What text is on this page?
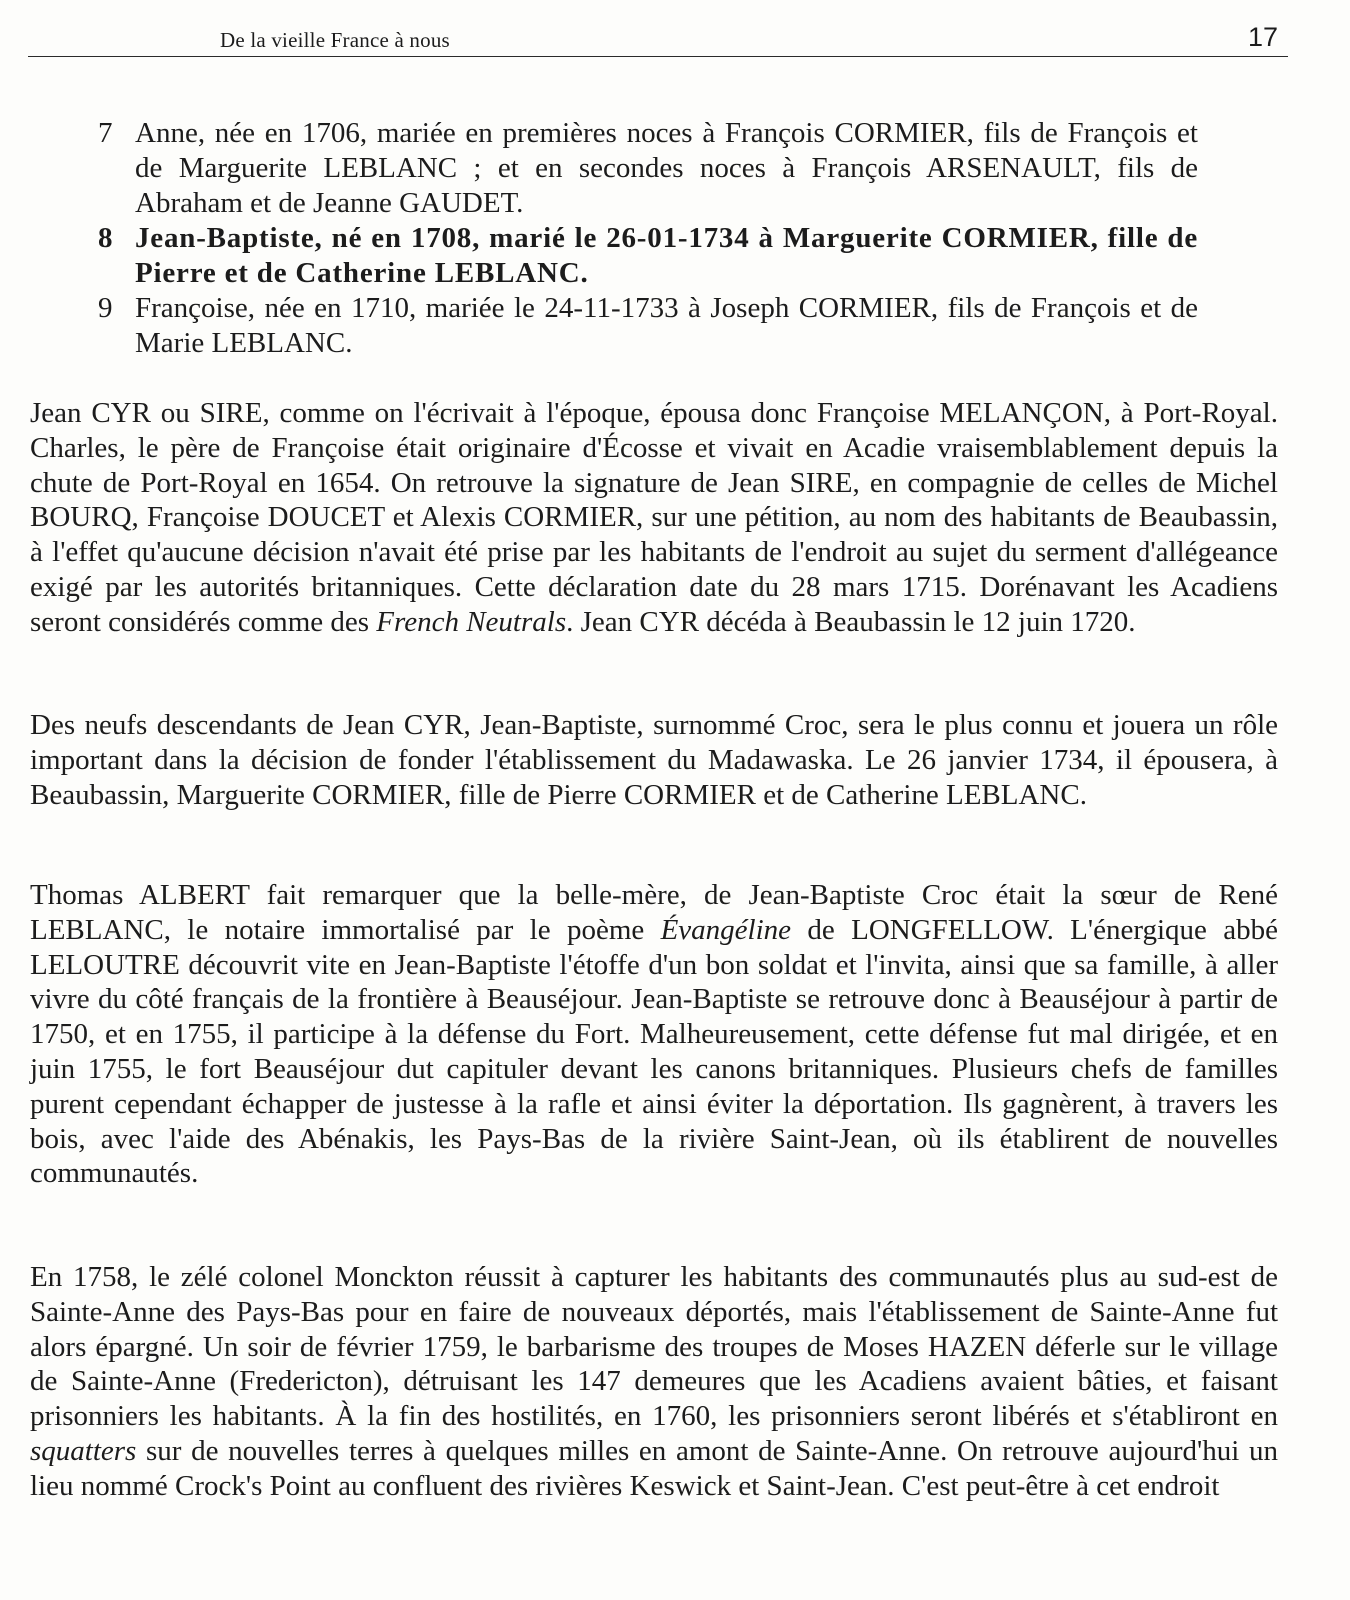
De la vieille France à nous	17
7 Anne, née en 1706, mariée en premières noces à François CORMIER, fils de François et de Marguerite LEBLANC ; et en secondes noces à François ARSENAULT, fils de Abraham et de Jeanne GAUDET.
8 Jean-Baptiste, né en 1708, marié le 26-01-1734 à Marguerite CORMIER, fille de Pierre et de Catherine LEBLANC.
9 Françoise, née en 1710, mariée le 24-11-1733 à Joseph CORMIER, fils de François et de Marie LEBLANC.

Jean CYR ou SIRE, comme on l'écrivait à l'époque, épousa donc Françoise MELANÇON, à Port-Royal. Charles, le père de Françoise était originaire d'Écosse et vivait en Acadie vraisemblablement depuis la chute de Port-Royal en 1654. On retrouve la signature de Jean SIRE, en compagnie de celles de Michel BOURQ, Françoise DOUCET et Alexis CORMIER, sur une pétition, au nom des habitants de Beaubassin, à l'effet qu'aucune décision n'avait été prise par les habitants de l'endroit au sujet du serment d'allégeance exigé par les autorités britanniques. Cette déclaration date du 28 mars 1715. Dorénavant les Acadiens seront considérés comme des French Neutrals. Jean CYR décéda à Beaubassin le 12 juin 1720.

Des neufs descendants de Jean CYR, Jean-Baptiste, surnommé Croc, sera le plus connu et jouera un rôle important dans la décision de fonder l'établissement du Madawaska. Le 26 janvier 1734, il épousera, à Beaubassin, Marguerite CORMIER, fille de Pierre CORMIER et de Catherine LEBLANC.

Thomas ALBERT fait remarquer que la belle-mère, de Jean-Baptiste Croc était la sœur de René LEBLANC, le notaire immortalisé par le poème Évangéline de LONGFELLOW. L'énergique abbé LELOUTRE découvrit vite en Jean-Baptiste l'étoffe d'un bon soldat et l'invita, ainsi que sa famille, à aller vivre du côté français de la frontière à Beauséjour. Jean-Baptiste se retrouve donc à Beauséjour à partir de 1750, et en 1755, il participe à la défense du Fort. Malheureusement, cette défense fut mal dirigée, et en juin 1755, le fort Beauséjour dut capituler devant les canons britanniques. Plusieurs chefs de familles purent cependant échapper de justesse à la rafle et ainsi éviter la déportation. Ils gagnèrent, à travers les bois, avec l'aide des Abénakis, les Pays-Bas de la rivière Saint-Jean, où ils établirent de nouvelles communautés.

En 1758, le zélé colonel Monckton réussit à capturer les habitants des communautés plus au sud-est de Sainte-Anne des Pays-Bas pour en faire de nouveaux déportés, mais l'établissement de Sainte-Anne fut alors épargné. Un soir de février 1759, le barbarisme des troupes de Moses HAZEN déferle sur le village de Sainte-Anne (Fredericton), détruisant les 147 demeures que les Acadiens avaient bâties, et faisant prisonniers les habitants. À la fin des hostilités, en 1760, les prisonniers seront libérés et s'établiront en squatters sur de nouvelles terres à quelques milles en amont de Sainte-Anne. On retrouve aujourd'hui un lieu nommé Crock's Point au confluent des rivières Keswick et Saint-Jean. C'est peut-être à cet endroit
